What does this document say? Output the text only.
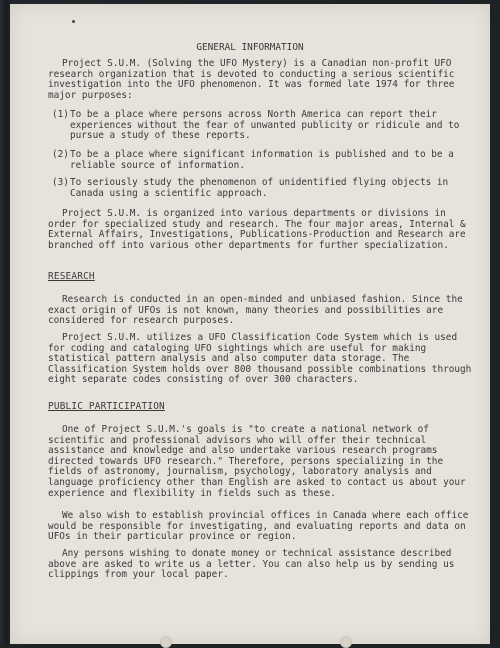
GENERAL INFORMATION
Project S.U.M. (Solving the UFO Mystery) is a Canadian non-profit UFO research organization that is devoted to conducting a serious scientific investigation into the UFO phenomenon. It was formed late 1974 for three major purposes:
(1) To be a place where persons across North America can report their experiences without the fear of unwanted publicity or ridicule and to pursue a study of these reports.
(2) To be a place where significant information is published and to be a reliable source of information.
(3) To seriously study the phenomenon of unidentified flying objects in Canada using a scientific approach.
Project S.U.M. is organized into various departments or divisions in order for specialized study and research. The four major areas, Internal & External Affairs, Investigations, Publications-Production and Research are branched off into various other departments for further specialization.
RESEARCH
Research is conducted in an open-minded and unbiased fashion. Since the exact origin of UFOs is not known, many theories and possibilities are considered for research purposes.
Project S.U.M. utilizes a UFO Classification Code System which is used for coding and cataloging UFO sightings which are useful for making statistical pattern analysis and also computer data storage. The Classification System holds over 800 thousand possible combinations through eight separate codes consisting of over 300 characters.
PUBLIC PARTICIPATION
One of Project S.U.M.'s goals is "to create a national network of scientific and professional advisors who will offer their technical assistance and knowledge and also undertake various research programs directed towards UFO research." Therefore, persons specializing in the fields of astronomy, journalism, psychology, laboratory analysis and language proficiency other than English are asked to contact us about your experience and flexibility in fields such as these.
We also wish to establish provincial offices in Canada where each office would be responsible for investigating, and evaluating reports and data on UFOs in their particular province or region.
Any persons wishing to donate money or technical assistance described above are asked to write us a letter. You can also help us by sending us clippings from your local paper.
